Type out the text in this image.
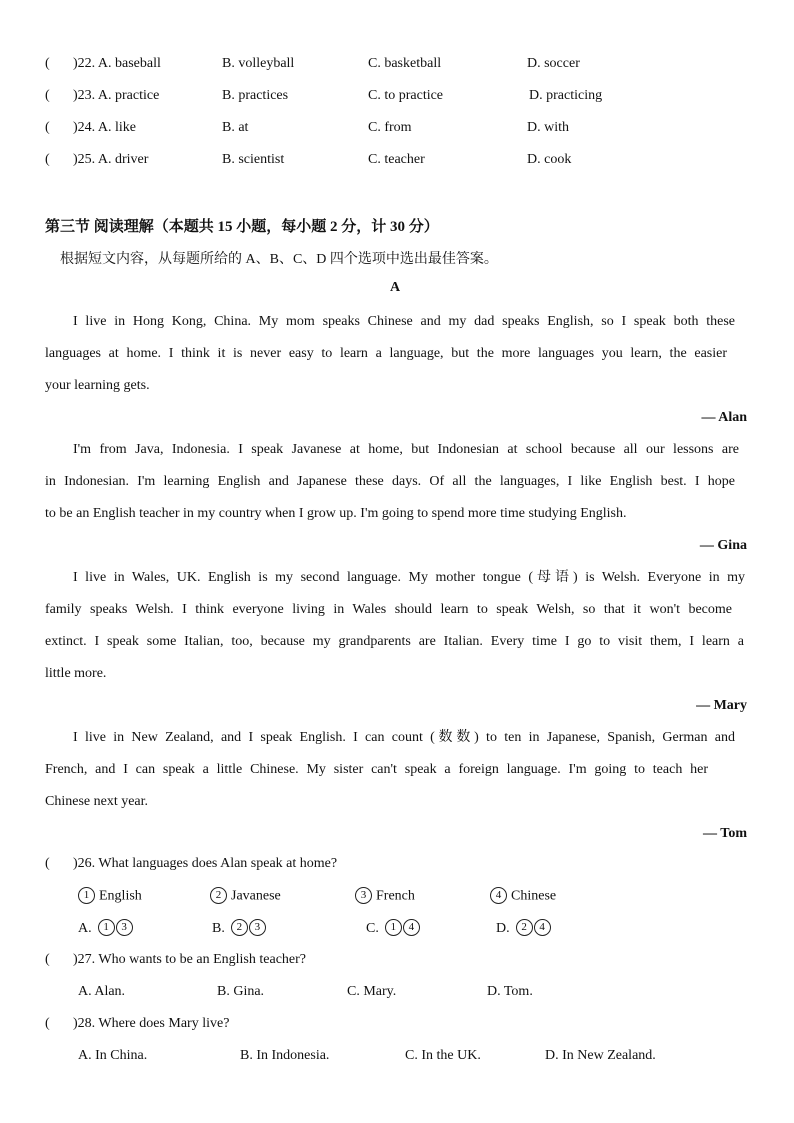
( )22. A. baseball	B. volleyball	C. basketball	D. soccer
( )23. A. practice	B. practices	C. to practice	D. practicing
( )24. A. like	B. at	C. from	D. with
( )25. A. driver	B. scientist	C. teacher	D. cook
第三节 阅读理解（本题共 15 小题，每小题 2 分，计 30 分）
根据短文内容，从每题所给的 A、B、C、D 四个选项中选出最佳答案。
A
I live in Hong Kong, China. My mom speaks Chinese and my dad speaks English, so I speak both these
languages at home. I think it is never easy to learn a language, but the more languages you learn, the easier
your learning gets.
— Alan
I'm from Java, Indonesia. I speak Javanese at home, but Indonesian at school because all our lessons are
in Indonesian. I'm learning English and Japanese these days. Of all the languages, I like English best. I hope
to be an English teacher in my country when I grow up. I'm going to spend more time studying English.
— Gina
I live in Wales, UK. English is my second language. My mother tongue (母语) is Welsh. Everyone in my
family speaks Welsh. I think everyone living in Wales should learn to speak Welsh, so that it won't become
extinct. I speak some Italian, too, because my grandparents are Italian. Every time I go to visit them, I learn a
little more.
— Mary
I live in New Zealand, and I speak English. I can count (数数) to ten in Japanese, Spanish, German and
French, and I can speak a little Chinese. My sister can't speak a foreign language. I'm going to teach her
Chinese next year.
— Tom
( )26. What languages does Alan speak at home?
1 English	2 Javanese	3 French	4 Chinese
A. 1 3	B. 2 3	C. 1 4	D. 2 4
( )27. Who wants to be an English teacher?
A. Alan.	B. Gina.	C. Mary.	D. Tom.
( )28. Where does Mary live?
A. In China.	B. In Indonesia.	C. In the UK.	D. In New Zealand.
